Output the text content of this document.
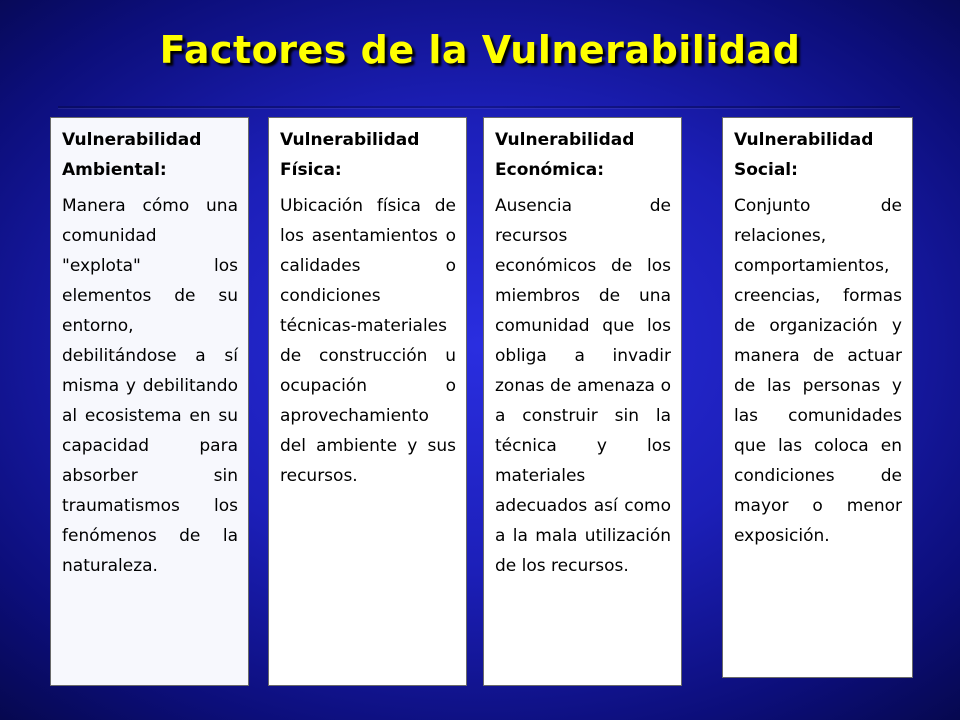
Factores de la Vulnerabilidad
Vulnerabilidad Ambiental:
Manera cómo una comunidad "explota" los elementos de su entorno, debilitándose a sí misma y debilitando al ecosistema en su capacidad para absorber sin traumatismos los fenómenos de la naturaleza.
Vulnerabilidad Física:
Ubicación física de los asentamientos o calidades o condiciones técnicas-materiales de construcción u ocupación o aprovechamiento del ambiente y sus recursos.
Vulnerabilidad Económica:
Ausencia de recursos económicos de los miembros de una comunidad que los obliga a invadir zonas de amenaza o a construir sin la técnica y los materiales adecuados así como a la mala utilización de los recursos.
Vulnerabilidad Social:
Conjunto de relaciones, comportamientos, creencias, formas de organización y manera de actuar de las personas y las comunidades que las coloca en condiciones de mayor o menor exposición.
